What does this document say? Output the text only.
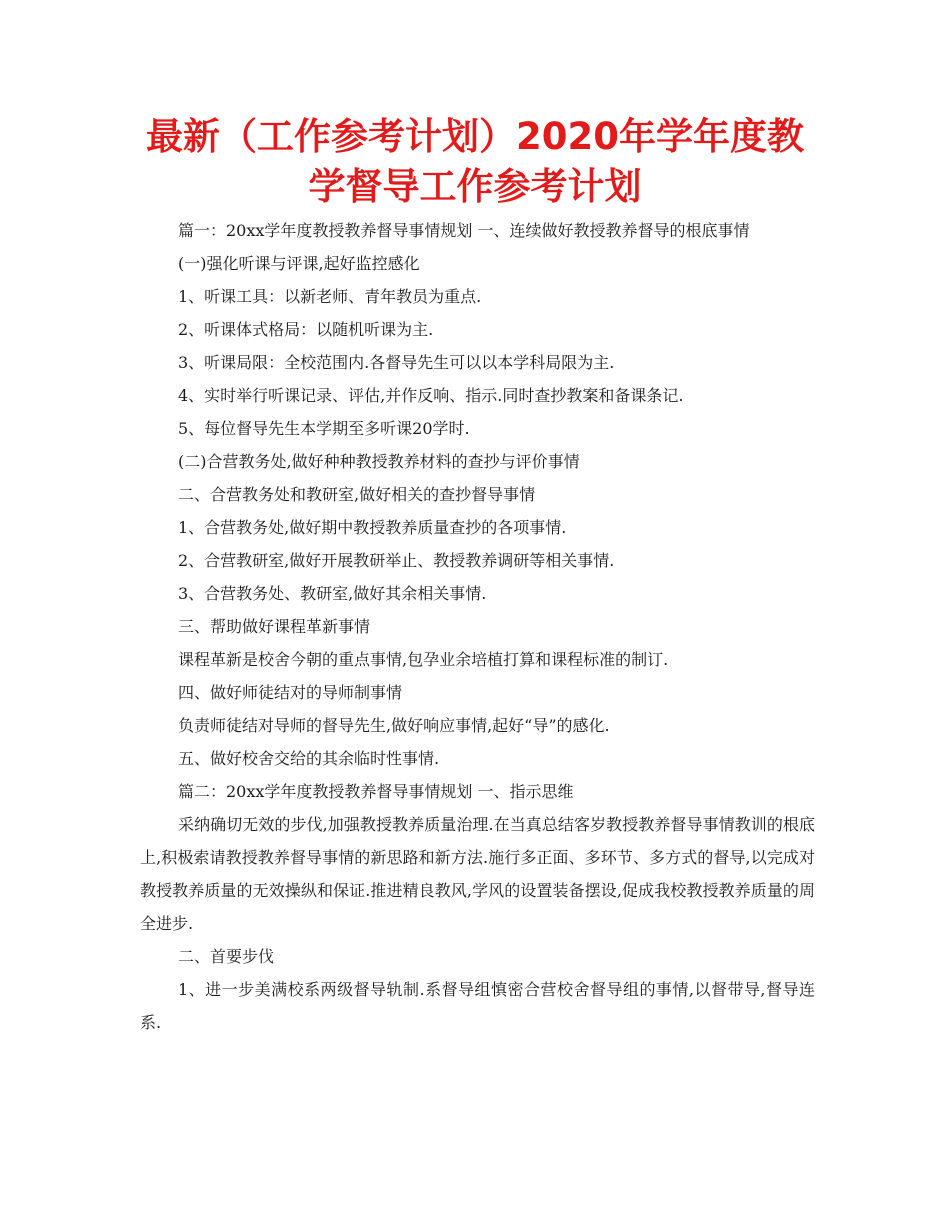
最新（工作参考计划）2020年学年度教学督导工作参考计划

篇一：20xx学年度教授教养督导事情规划 一、连续做好教授教养督导的根底事情

(一)强化听课与评课,起好监控感化

1、听课工具：以新老师、青年教员为重点.

2、听课体式格局：以随机听课为主.

3、听课局限：全校范围内.各督导先生可以以本学科局限为主.

4、实时举行听课记录、评估,并作反响、指示.同时查抄教案和备课条记.

5、每位督导先生本学期至多听课20学时.

(二)合营教务处,做好种种教授教养材料的查抄与评价事情

二、合营教务处和教研室,做好相关的查抄督导事情

1、合营教务处,做好期中教授教养质量查抄的各项事情.

2、合营教研室,做好开展教研举止、教授教养调研等相关事情.

3、合营教务处、教研室,做好其余相关事情.

三、帮助做好课程革新事情

课程革新是校舍今朝的重点事情,包孕业余培植打算和课程标准的制订.

四、做好师徒结对的导师制事情

负责师徒结对导师的督导先生,做好响应事情,起好“导”的感化.

五、做好校舍交给的其余临时性事情.

篇二：20xx学年度教授教养督导事情规划 一、指示思维

采纳确切无效的步伐,加强教授教养质量治理.在当真总结客岁教授教养督导事情教训的根底上,积极索请教授教养督导事情的新思路和新方法.施行多正面、多环节、多方式的督导,以完成对教授教养质量的无效操纵和保证.推进精良教风,学风的设置装备摆设,促成我校教授教养质量的周全进步.

二、首要步伐

1、进一步美满校系两级督导轨制.系督导组慎密合营校舍督导组的事情,以督带导,督导连系.
